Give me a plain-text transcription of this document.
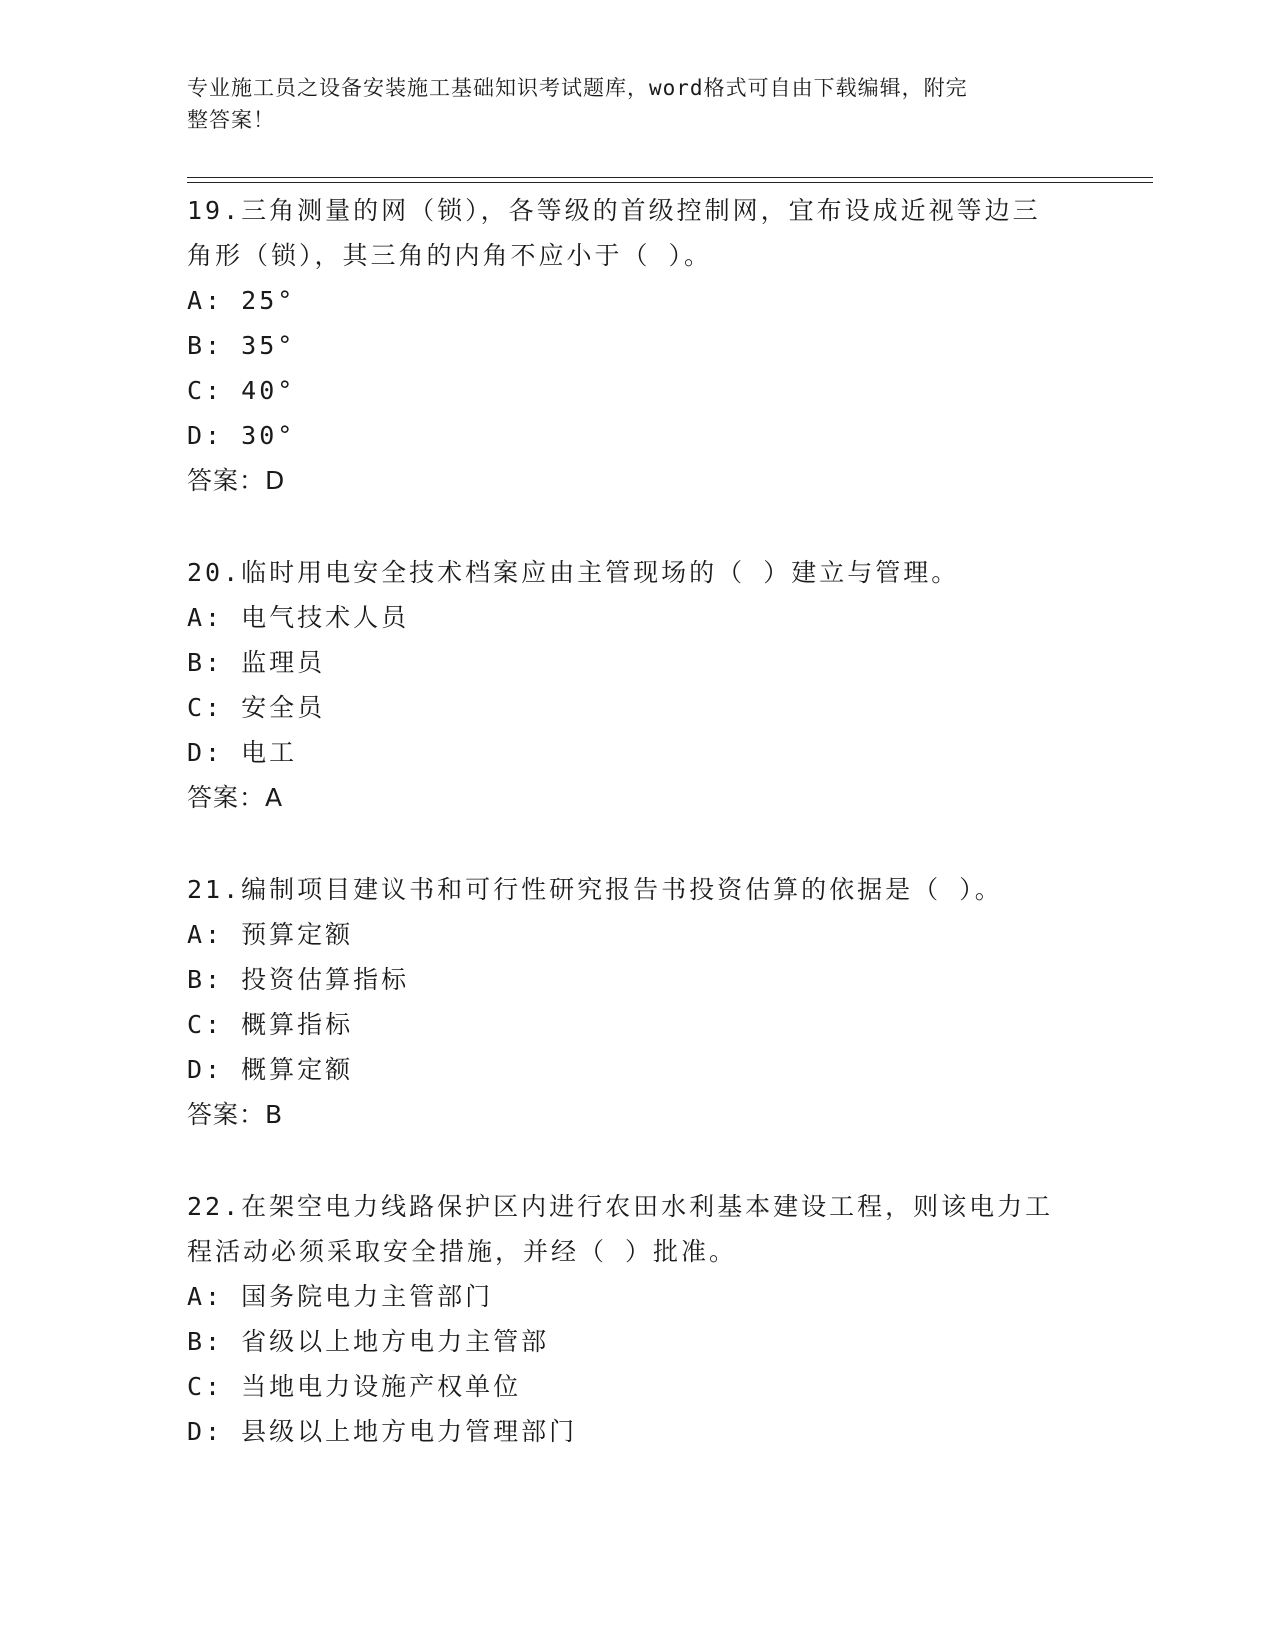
专业施工员之设备安装施工基础知识考试题库，word格式可自由下载编辑，附完
整答案！
19.三角测量的网（锁），各等级的首级控制网，宜布设成近视等边三
角形（锁），其三角的内角不应小于（ ）。
A: 25°
B: 35°
C: 40°
D: 30°
答案：D
20.临时用电安全技术档案应由主管现场的（ ）建立与管理。
A: 电气技术人员
B: 监理员
C: 安全员
D: 电工
答案：A
21.编制项目建议书和可行性研究报告书投资估算的依据是（ ）。
A: 预算定额
B: 投资估算指标
C: 概算指标
D: 概算定额
答案：B
22.在架空电力线路保护区内进行农田水利基本建设工程，则该电力工
程活动必须采取安全措施，并经（ ）批准。
A: 国务院电力主管部门
B: 省级以上地方电力主管部
C: 当地电力设施产权单位
D: 县级以上地方电力管理部门
